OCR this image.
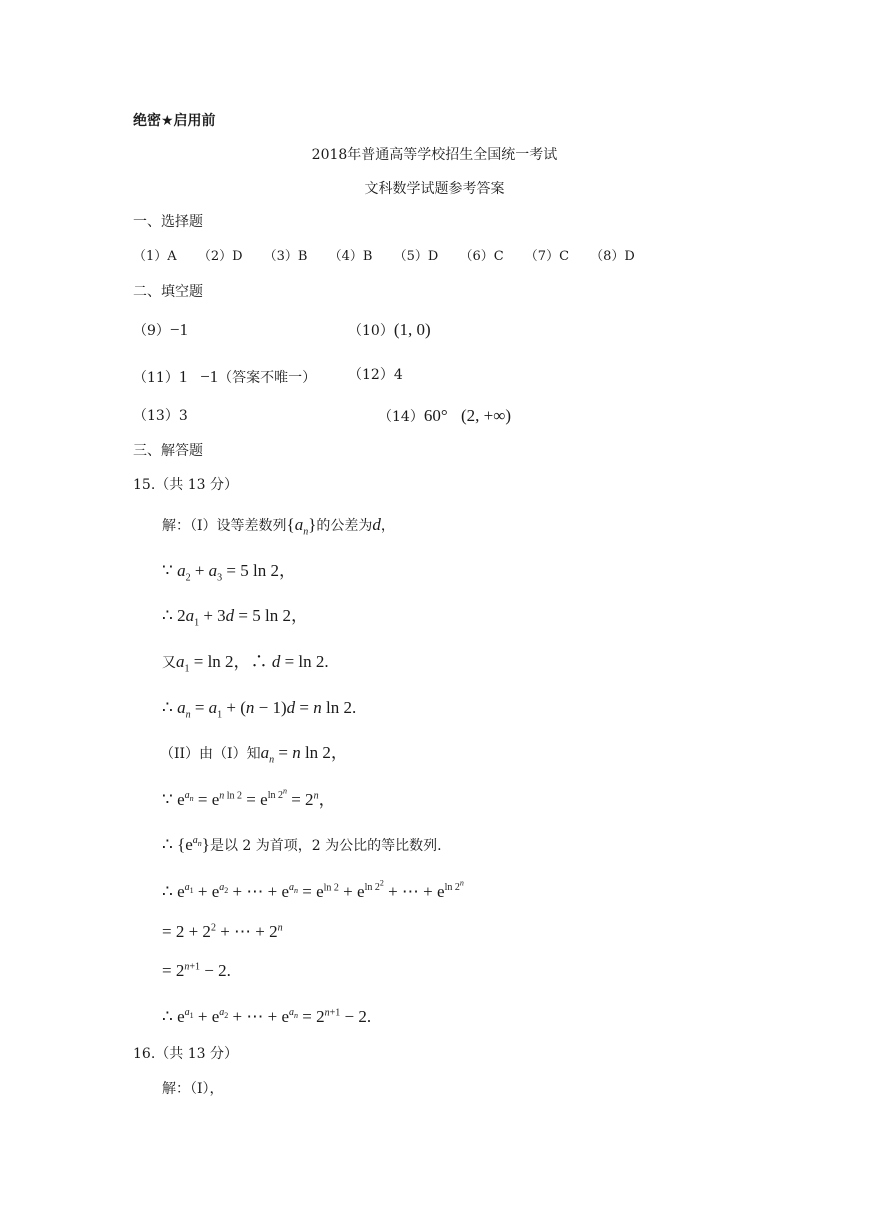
绝密★启用前
2018年普通高等学校招生全国统一考试
文科数学试题参考答案
一、选择题
（1）A （2）D （3）B （4）B （5）D （6）C （7）C （8）D
二、填空题
（9）−1	（10）(1, 0)
（11）1   −1（答案不唯一） （12）4
（13）3	（14）60° (2, +∞)
三、解答题
15.（共 13 分）
解：（I）设等差数列$\{a_n\}$的公差为d，
∵ $a_2 + a_3 = 5$ ln 2，
∴ $2a_1 + 3d = 5$ ln 2，
又$a_1 = \ln 2$，∴ d = ln 2.
∴ $a_n = a_1 + (n - 1)d = n$ ln 2.
（II）由（I）知$a_n = n$ ln 2，
∵ $e^{a_n} = e^{n ln 2} = e^{ln 2^n} = 2^n$，
∴ $\{e^{a_n}\}$是以 2 为首项，2 为公比的等比数列.
∴ $e^{a_1} + e^{a_2}$ + ⋯ + $e^{a_n} = e^{ln 2} + e^{ln 2^2}$ + ⋯ + $e^{ln 2^n}$
= $2 + 2^2$ + ⋯ + $2^n$
= $2^{n+1} - 2$.
∴ $e^{a_1} + e^{a_2}$ + ⋯ + $e^{a_n} = 2^{n+1} - 2$.
16.（共 13 分）
解：（Ⅰ），
